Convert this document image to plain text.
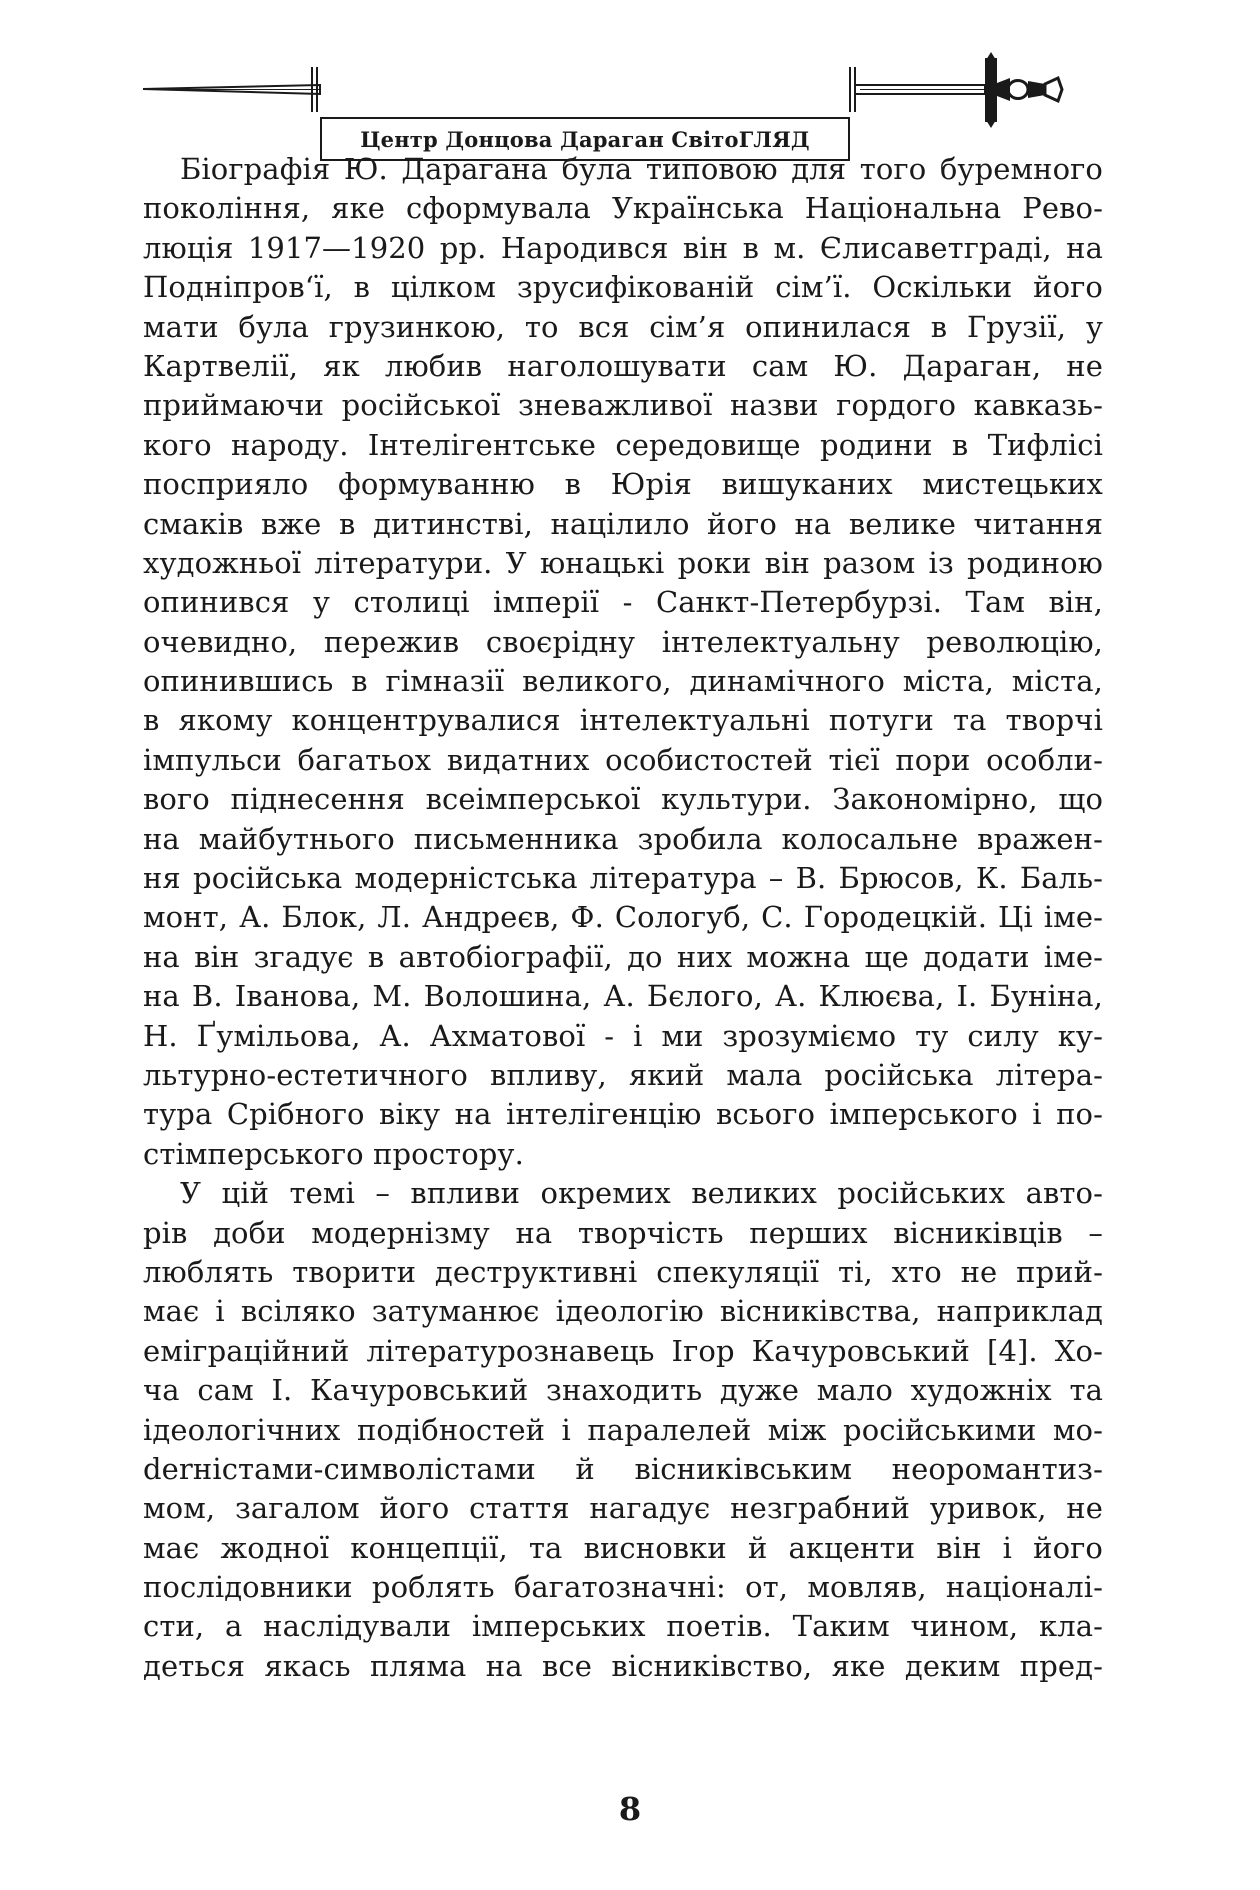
Центр Донцова Дараган СвітоГЛЯД
Біографія Ю. Дарагана була типовою для того буремного
покоління, яке сформувала Українська Національна Рево-
люція 1917—1920 рр. Народився він в м. Єлисаветграді, на
Подніпров‘ї, в цілком зрусифікованій сім’ї. Оскільки його
мати була грузинкою, то вся сім’я опинилася в Грузії, у
Картвелії, як любив наголошувати сам Ю. Дараган, не
приймаючи російської зневажливої назви гордого кавказь-
кого народу. Інтелігентське середовище родини в Тифлісі
посприяло формуванню в Юрія вишуканих мистецьких
смаків вже в дитинстві, націлило його на велике читання
художньої літератури. У юнацькі роки він разом із родиною
опинився у столиці імперії - Санкт-Петербурзі. Там він,
очевидно, пережив своєрідну інтелектуальну революцію,
опинившись в гімназії великого, динамічного міста, міста,
в якому концентрувалися інтелектуальні потуги та творчі
імпульси багатьох видатних особистостей тієї пори особли-
вого піднесення всеімперської культури. Закономірно, що
на майбутнього письменника зробила колосальне вражен-
ня російська модерністська література – В. Брюсов, К. Баль-
монт, А. Блок, Л. Андреєв, Ф. Сологуб, С. Городецкій. Ці іме-
на він згадує в автобіографії, до них можна ще додати іме-
на В. Іванова, М. Волошина, А. Бєлого, А. Клюєва, І. Буніна,
Н. Ґумільова, А. Ахматової - і ми зрозуміємо ту силу ку-
льтурно-естетичного впливу, який мала російська літера-
тура Срібного віку на інтелігенцію всього імперського і по-
стімперського простору.
У цій темі – впливи окремих великих російських авто-
рів доби модернізму на творчість перших вісниківців –
люблять творити деструктивні спекуляції ті, хто не прий-
має і всіляко затуманює ідеологію вісниківства, наприклад
еміграційний літературознавець Ігор Качуровський [4]. Хо-
ча сам І. Качуровський знаходить дуже мало художніх та
ідеологічних подібностей і паралелей між російськими мо-
derністами-символістами й вісниківським неоромантиз-
мом, загалом його стаття нагадує незграбний уривок, не
має жодної концепції, та висновки й акценти він і його
послідовники роблять багатозначні: от, мовляв, націоналі-
сти, а наслідували імперських поетів. Таким чином, кла-
деться якась пляма на все вісниківство, яке деким пред-
8
